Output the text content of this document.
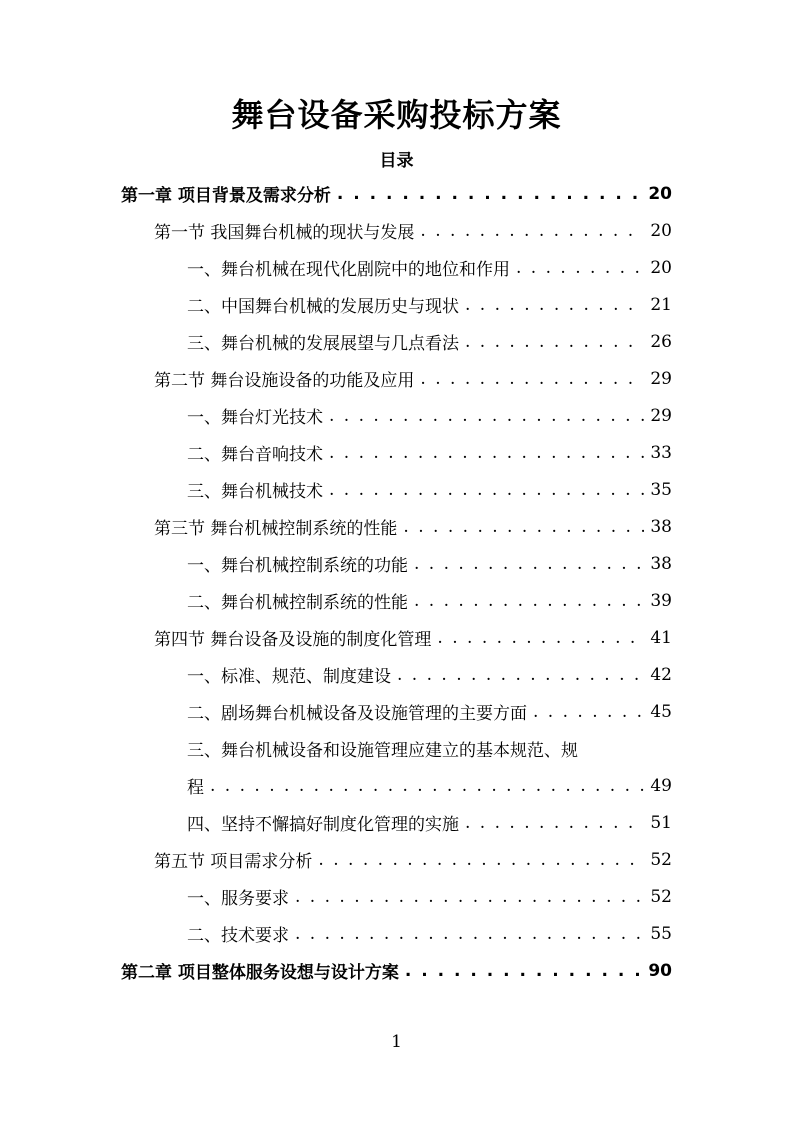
舞台设备采购投标方案
目录
第一章 项目背景及需求分析 . . .	20
第一节 我国舞台机械的现状与发展 . . .	20
一、舞台机械在现代化剧院中的地位和作用 . . .	20
二、中国舞台机械的发展历史与现状 . . .	21
三、舞台机械的发展展望与几点看法 . . .	26
第二节 舞台设施设备的功能及应用 . . .	29
一、舞台灯光技术 . . .	29
二、舞台音响技术 . . .	33
三、舞台机械技术 . . .	35
第三节 舞台机械控制系统的性能 . . .	38
一、舞台机械控制系统的功能 . . .	38
二、舞台机械控制系统的性能 . . .	39
第四节 舞台设备及设施的制度化管理 . . .	41
一、标准、规范、制度建设 . . .	42
二、剧场舞台机械设备及设施管理的主要方面 . . .	45
三、舞台机械设备和设施管理应建立的基本规范、规
程 . . .	49
四、坚持不懈搞好制度化管理的实施 . . .	51
第五节 项目需求分析 . . .	52
一、服务要求 . . .	52
二、技术要求 . . .	55
第二章 项目整体服务设想与设计方案 . . .	90
1
